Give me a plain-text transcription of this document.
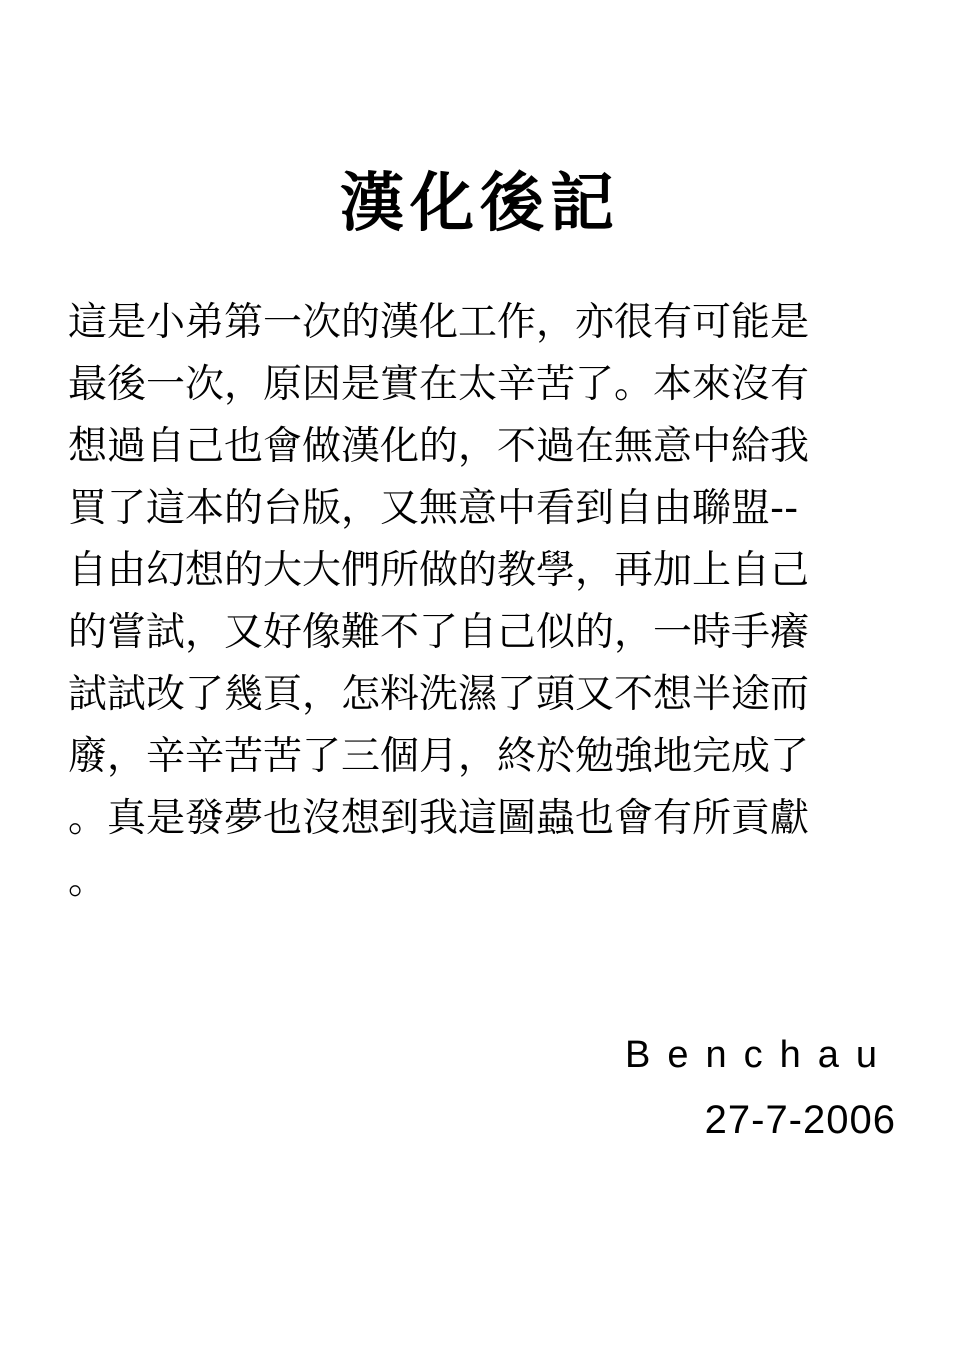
漢化後記
這是小弟第一次的漢化工作，亦很有可能是
最後一次，原因是實在太辛苦了。本來沒有
想過自己也會做漢化的，不過在無意中給我
買了這本的台版，又無意中看到自由聯盟--
自由幻想的大大們所做的教學，再加上自己
的嘗試，又好像難不了自己似的，一時手癢
試試改了幾頁，怎料洗濕了頭又不想半途而
廢，辛辛苦苦了三個月，終於勉強地完成了
。真是發夢也沒想到我這圖蟲也會有所貢獻
。
Benchau
27-7-2006
